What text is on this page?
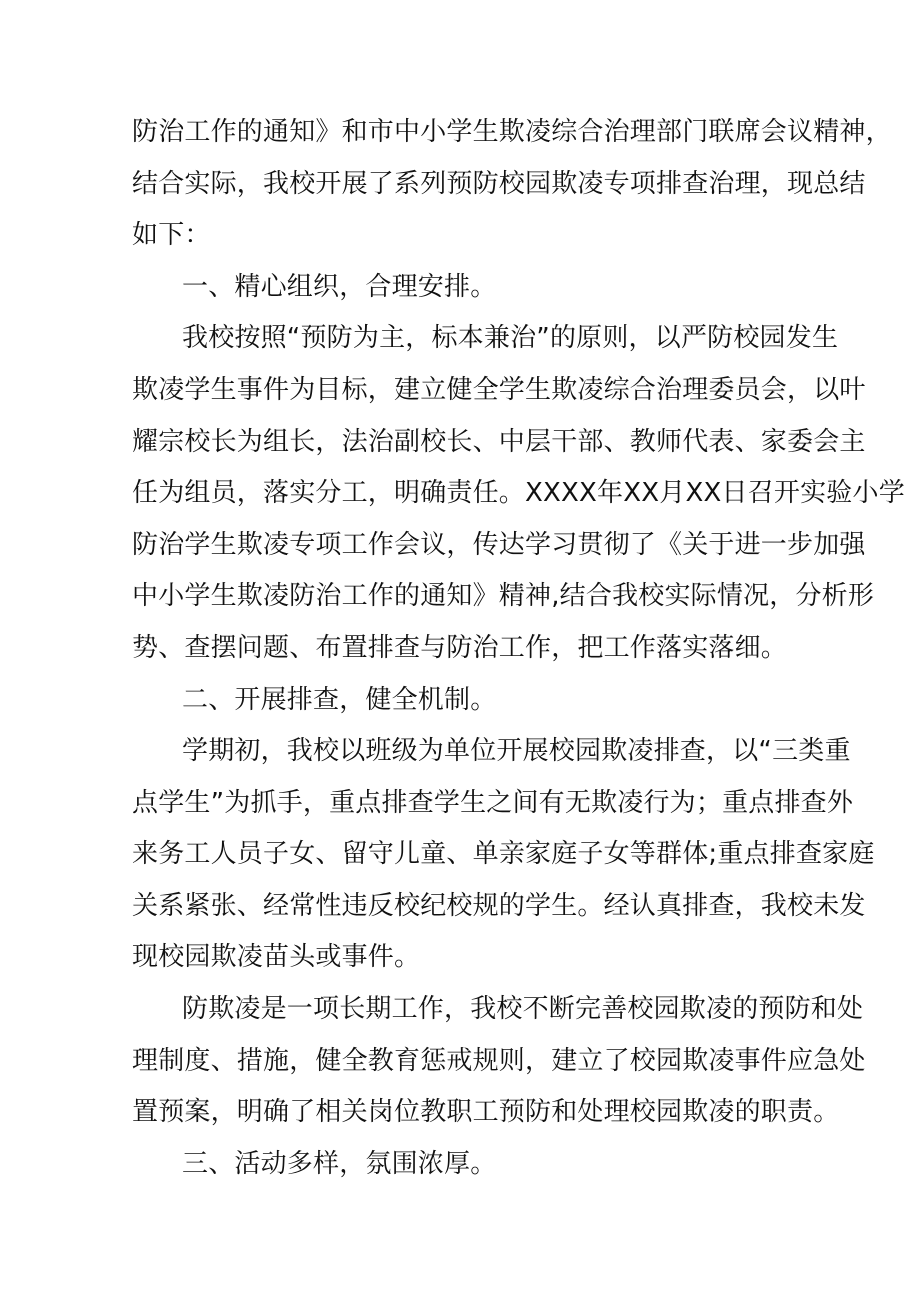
防治工作的通知》和市中小学生欺凌综合治理部门联席会议精神，
结合实际，我校开展了系列预防校园欺凌专项排查治理，现总结
如下：
一、精心组织，合理安排。
我校按照“预防为主，标本兼治”的原则，以严防校园发生
欺凌学生事件为目标，建立健全学生欺凌综合治理委员会，以叶
耀宗校长为组长，法治副校长、中层干部、教师代表、家委会主
任为组员，落实分工，明确责任。XXXX年XX月XX日召开实验小学
防治学生欺凌专项工作会议，传达学习贯彻了《关于进一步加强
中小学生欺凌防治工作的通知》精神,结合我校实际情况，分析形
势、查摆问题、布置排查与防治工作，把工作落实落细。
二、开展排查，健全机制。
学期初，我校以班级为单位开展校园欺凌排查，以“三类重
点学生”为抓手，重点排查学生之间有无欺凌行为；重点排查外
来务工人员子女、留守儿童、单亲家庭子女等群体;重点排查家庭
关系紧张、经常性违反校纪校规的学生。经认真排查，我校未发
现校园欺凌苗头或事件。
防欺凌是一项长期工作，我校不断完善校园欺凌的预防和处
理制度、措施，健全教育惩戒规则，建立了校园欺凌事件应急处
置预案，明确了相关岗位教职工预防和处理校园欺凌的职责。
三、活动多样，氛围浓厚。
